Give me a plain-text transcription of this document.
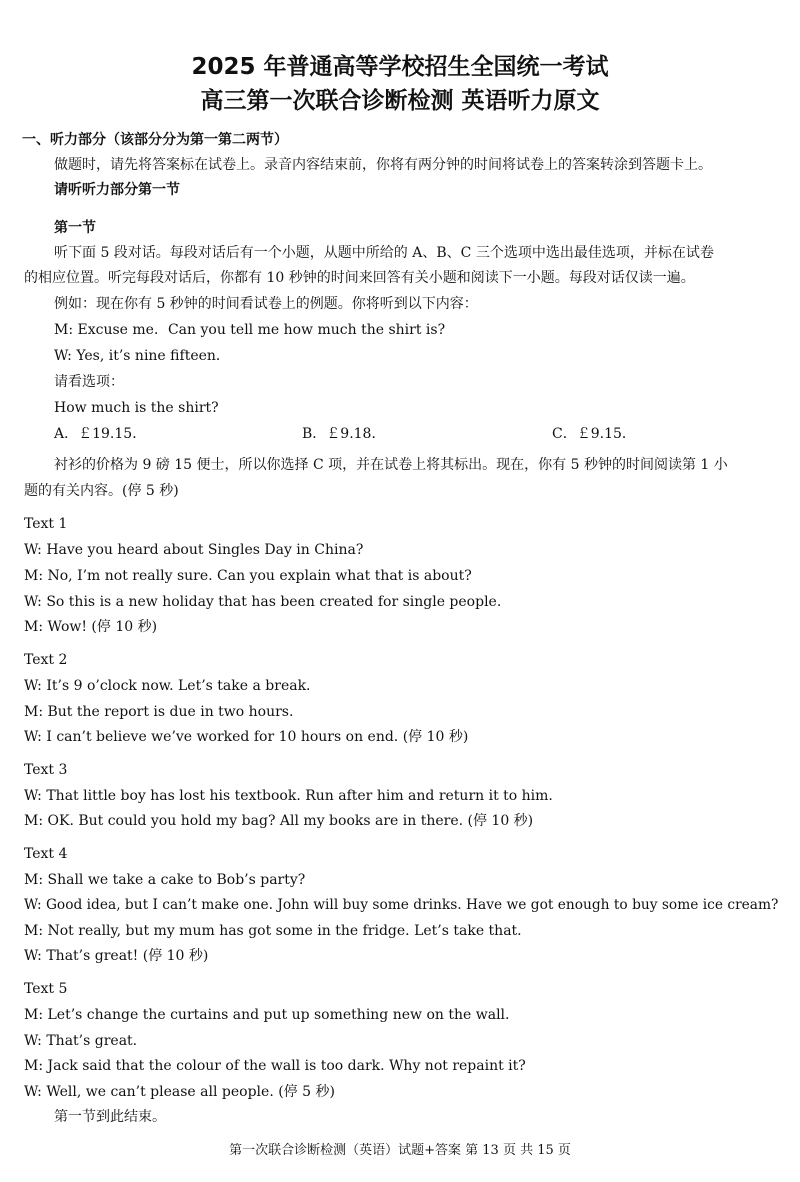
2025 年普通高等学校招生全国统一考试
高三第一次联合诊断检测 英语听力原文
一、听力部分（该部分分为第一第二两节）
做题时，请先将答案标在试卷上。录音内容结束前，你将有两分钟的时间将试卷上的答案转涂到答题卡上。
请听听力部分第一节
第一节
听下面 5 段对话。每段对话后有一个小题，从题中所给的 A、B、C 三个选项中选出最佳选项，并标在试卷
的相应位置。听完每段对话后，你都有 10 秒钟的时间来回答有关小题和阅读下一小题。每段对话仅读一遍。
例如：现在你有 5 秒钟的时间看试卷上的例题。你将听到以下内容：
M: Excuse me．Can you tell me how much the shirt is?
W: Yes, it’s nine fifteen．
请看选项：
How much is the shirt?
A．￡19.15．	B．￡9.18．	C．￡9.15．
衬衫的价格为 9 磅 15 便士，所以你选择 C 项，并在试卷上将其标出。现在，你有 5 秒钟的时间阅读第 1 小
题的有关内容。(停 5 秒)
Text 1
W: Have you heard about Singles Day in China?
M: No, I’m not really sure. Can you explain what that is about?
W: So this is a new holiday that has been created for single people.
M: Wow! (停 10 秒)
Text 2
W: It’s 9 o’clock now. Let’s take a break.
M: But the report is due in two hours.
W: I can’t believe we’ve worked for 10 hours on end. (停 10 秒)
Text 3
W: That little boy has lost his textbook. Run after him and return it to him.
M: OK. But could you hold my bag? All my books are in there. (停 10 秒)
Text 4
M: Shall we take a cake to Bob’s party?
W: Good idea, but I can’t make one. John will buy some drinks. Have we got enough to buy some ice cream?
M: Not really, but my mum has got some in the fridge. Let’s take that.
W: That’s great! (停 10 秒)
Text 5
M: Let’s change the curtains and put up something new on the wall.
W: That’s great.
M: Jack said that the colour of the wall is too dark. Why not repaint it?
W: Well, we can’t please all people. (停 5 秒)
第一节到此结束。
第一次联合诊断检测（英语）试题+答案 第 13 页 共 15 页
